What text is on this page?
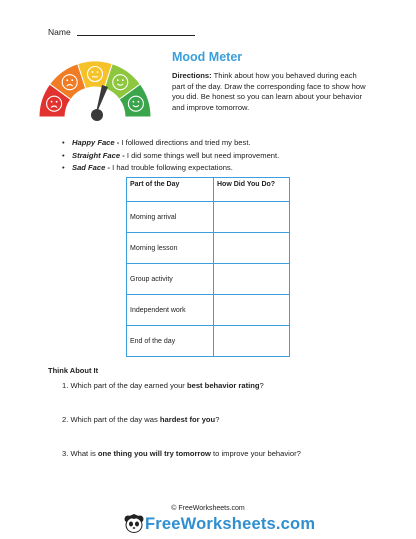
Name
Mood Meter
Directions: Think about how you behaved during each part of the day. Draw the corresponding face to show how you did. Be honest so you can learn about your behavior and improve tomorrow.
• Happy Face - I followed directions and tried my best.
• Straight Face - I did some things well but need improvement.
• Sad Face - I had trouble following expectations.
Part of the Day	How Did You Do?
Morning arrival	
Morning lesson	
Group activity	
Independent work	
End of the day	
Think About It
1. Which part of the day earned your best behavior rating?
2. Which part of the day was hardest for you?
3. What is one thing you will try tomorrow to improve your behavior?
© FreeWorksheets.com
FreeWorksheets.com
